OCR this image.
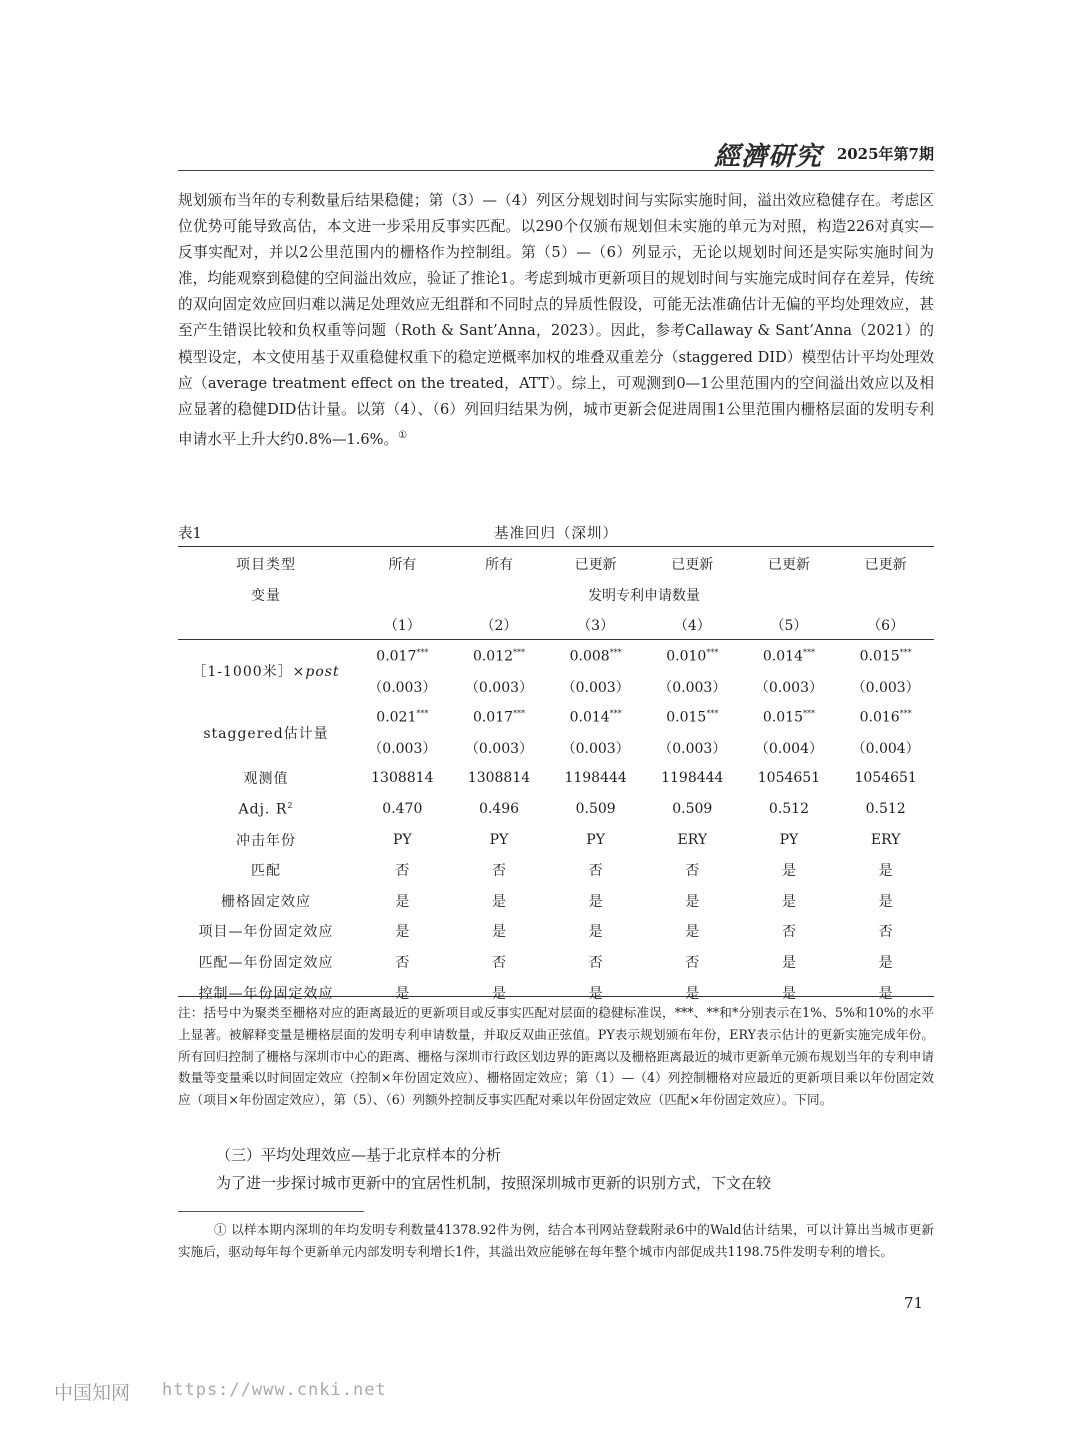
經濟研究 2025年第7期
规划颁布当年的专利数量后结果稳健；第（3）—（4）列区分规划时间与实际实施时间，溢出效应稳健存在。考虑区位优势可能导致高估，本文进一步采用反事实匹配。以290个仅颁布规划但未实施的单元为对照，构造226对真实—反事实配对，并以2公里范围内的栅格作为控制组。第（5）—（6）列显示，无论以规划时间还是实际实施时间为准，均能观察到稳健的空间溢出效应，验证了推论1。考虑到城市更新项目的规划时间与实施完成时间存在差异，传统的双向固定效应回归难以满足处理效应无组群和不同时点的异质性假设，可能无法准确估计无偏的平均处理效应，甚至产生错误比较和负权重等问题（Roth & Sant’Anna，2023）。因此，参考Callaway & Sant’Anna（2021）的模型设定，本文使用基于双重稳健权重下的稳定逆概率加权的堆叠双重差分（staggered DID）模型估计平均处理效应（average treatment effect on the treated，ATT）。综上，可观测到0—1公里范围内的空间溢出效应以及相应显著的稳健DID估计量。以第（4）、（6）列回归结果为例，城市更新会促进周围1公里范围内栅格层面的发明专利申请水平上升大约0.8%—1.6%。①
表1	基准回归（深圳）
项目类型	所有	所有	已更新	已更新	已更新	已更新
变量	发明专利申请数量					
	（1）	（2）	（3）	（4）	（5）	（6）
［1-1000米］×post	0.017***	0.012***	0.008***	0.010***	0.014***	0.015***
	（0.003）	（0.003）	（0.003）	（0.003）	（0.003）	（0.003）
staggered估计量	0.021***	0.017***	0.014***	0.015***	0.015***	0.016***
	（0.003）	（0.003）	（0.003）	（0.003）	（0.004）	（0.004）
观测值	1308814	1308814	1198444	1198444	1054651	1054651
Adj. $R^2$	0.470	0.496	0.509	0.509	0.512	0.512
冲击年份	PY	PY	PY	ERY	PY	ERY
匹配	否	否	否	否	是	是
栅格固定效应	是	是	是	是	是	是
项目—年份固定效应	是	是	是	是	否	否
匹配—年份固定效应	否	否	否	否	是	是
控制—年份固定效应	是	是	是	是	是	是
注：括号中为聚类至栅格对应的距离最近的更新项目或反事实匹配对层面的稳健标准误，***、**和*分别表示在1%、5%和10%的水平上显著。被解释变量是栅格层面的发明专利申请数量，并取反双曲正弦值。PY表示规划颁布年份，ERY表示估计的更新实施完成年份。所有回归控制了栅格与深圳市中心的距离、栅格与深圳市行政区划边界的距离以及栅格距离最近的城市更新单元颁布规划当年的专利申请数量等变量乘以时间固定效应（控制×年份固定效应）、栅格固定效应；第（1）—（4）列控制栅格对应最近的更新项目乘以年份固定效应（项目×年份固定效应），第（5）、（6）列额外控制反事实匹配对乘以年份固定效应（匹配×年份固定效应）。下同。
（三）平均处理效应—基于北京样本的分析
为了进一步探讨城市更新中的宜居性机制，按照深圳城市更新的识别方式，下文在较
① 以样本期内深圳的年均发明专利数量41378.92件为例，结合本刊网站登载附录6中的Wald估计结果，可以计算出当城市更新实施后，驱动每年每个更新单元内部发明专利增长1件，其溢出效应能够在每年整个城市内部促成共1198.75件发明专利的增长。
71
中国知网 https://www.cnki.net
